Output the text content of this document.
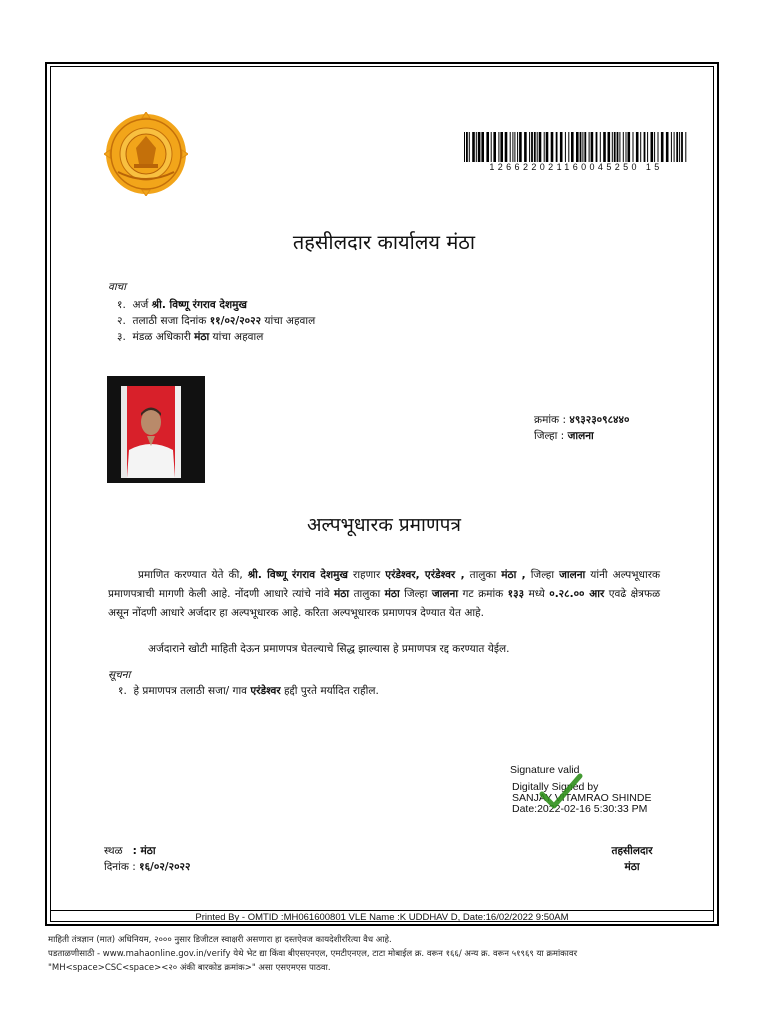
126622021160045250 15
तहसीलदार कार्यालय मंठा
वाचा
१. अर्ज श्री. विष्णू रंगराव देशमुख
२. तलाठी सजा दिनांक ११/०२/२०२२ यांचा अहवाल
३. मंडळ अधिकारी मंठा यांचा अहवाल
क्रमांक : ४९३२३०९८४४०
जिल्हा : जालना
अल्पभूधारक प्रमाणपत्र
प्रमाणित करण्यात येते की, श्री. विष्णू रंगराव देशमुख राहणार एरंडेश्वर, एरंडेश्वर , तालुका मंठा , जिल्हा जालना यांनी अल्पभूधारक प्रमाणपत्राची मागणी केली आहे. नोंदणी आधारे त्यांचे नांवे मंठा तालुका मंठा जिल्हा जालना गट क्रमांक १३३ मध्ये ०.२८.०० आर एवढे क्षेत्रफळ असून नोंदणी आधारे अर्जदार हा अल्पभूधारक आहे. करिता अल्पभूधारक प्रमाणपत्र देण्यात येत आहे.
अर्जदाराने खोटी माहिती देऊन प्रमाणपत्र घेतल्याचे सिद्ध झाल्यास हे प्रमाणपत्र रद्द करण्यात येईल.
सूचना
१. हे प्रमाणपत्र तलाठी सजा/ गाव एरंडेश्वर हद्दी पुरते मर्यादित राहील.
Signature valid
Digitally Signed by
SANJAY VITAMRAO SHINDE
Date:2022-02-16 5:30:33 PM
स्थळ : मंठा
दिनांक : १६/०२/२०२२
तहसीलदार
मंठा
Printed By - OMTID :MH061600801 VLE Name :K UDDHAV D, Date:16/02/2022 9:50AM
माहिती तंत्रज्ञान (मात) अधिनियम, २००० नुसार डिजीटल स्वाक्षरी असणारा हा दस्तऐवज कायदेशीररित्या वैध आहे.
पडताळणीसाठी - www.mahaonline.gov.in/verify येथे भेट द्या किंवा बीएसएनएल, एमटीएनएल, टाटा मोबाईल क्र. वरून १६६/ अन्य क्र. वरून ५१९६९ या क्रमांकावर
"MH<space>CSC<space><२० अंकी बारकोड क्रमांक>" असा एसएमएस पाठवा.
